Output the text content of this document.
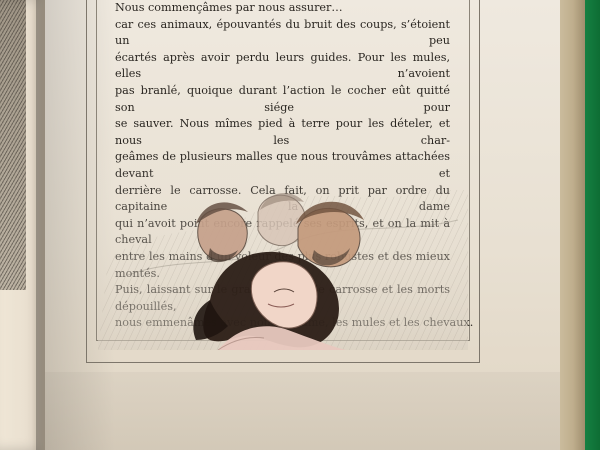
Nous commençâmes par nous assurer…
car ces animaux, épouvantés du bruit des coups, s’étoient un peu
écartés après avoir perdu leurs guides. Pour les mules, elles n’avoient
pas branlé, quoique durant l’action le cocher eût quitté son siége pour
se sauver. Nous mîmes pied à terre pour les dételer, et nous les char-
